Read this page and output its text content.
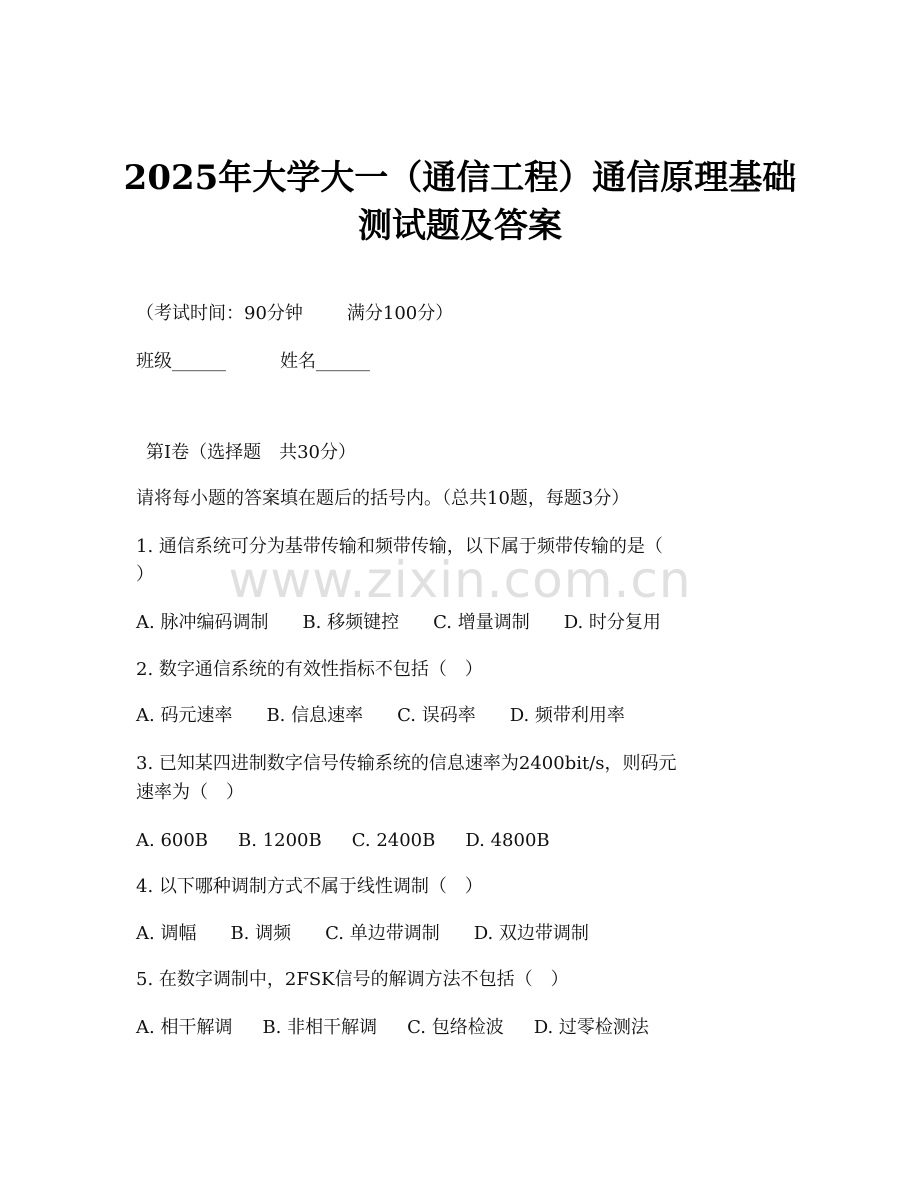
2025年大学大一（通信工程）通信原理基础
测试题及答案
（考试时间：90分钟 满分100分）
班级______	姓名______
第Ⅰ卷（选择题　共30分）
请将每小题的答案填在题后的括号内。（总共10题，每题3分）
1. 通信系统可分为基带传输和频带传输，以下属于频带传输的是（
）
A. 脉冲编码调制 B. 移频键控 C. 增量调制 D. 时分复用
2. 数字通信系统的有效性指标不包括（　）
A. 码元速率 B. 信息速率 C. 误码率 D. 频带利用率
3. 已知某四进制数字信号传输系统的信息速率为2400bit/s，则码元
速率为（　）
A. 600B B. 1200B C. 2400B D. 4800B
4. 以下哪种调制方式不属于线性调制（　）
A. 调幅 B. 调频 C. 单边带调制 D. 双边带调制
5. 在数字调制中，2FSK信号的解调方法不包括（　）
A. 相干解调 B. 非相干解调 C. 包络检波 D. 过零检测法
www.zixin.com.cn
